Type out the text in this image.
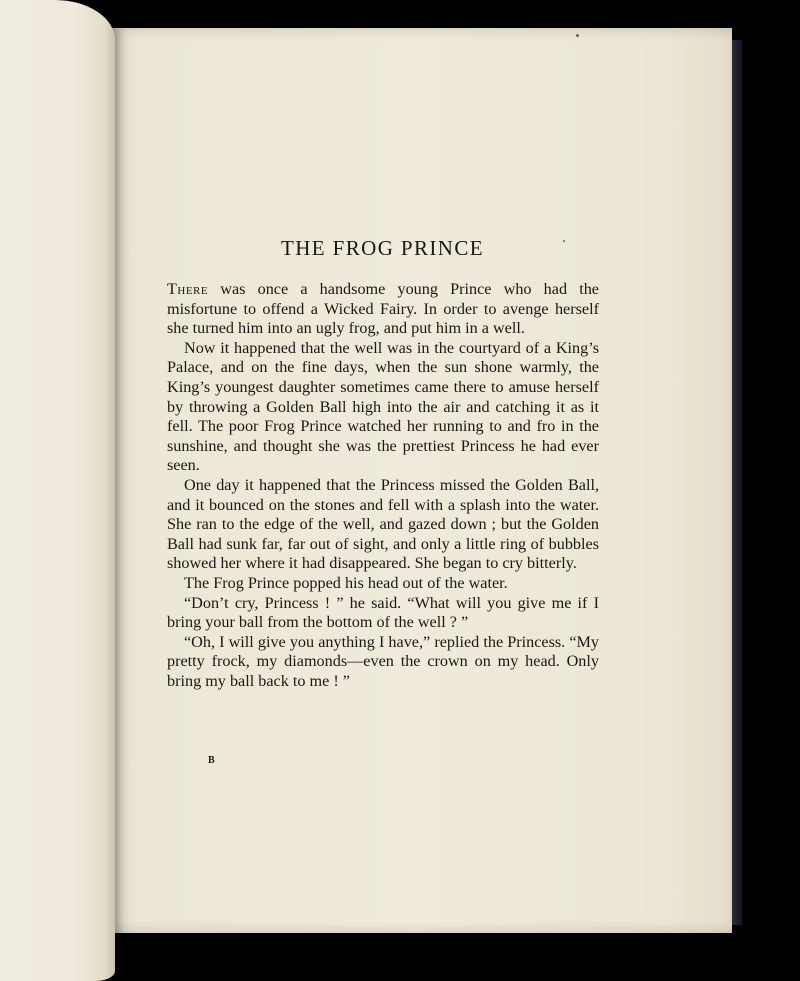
THE FROG PRINCE

There was once a handsome young Prince who had the misfortune to offend a Wicked Fairy. In order to avenge herself she turned him into an ugly frog, and put him in a well.

Now it happened that the well was in the courtyard of a King’s Palace, and on the fine days, when the sun shone warmly, the King’s youngest daughter sometimes came there to amuse herself by throwing a Golden Ball high into the air and catching it as it fell. The poor Frog Prince watched her running to and fro in the sunshine, and thought she was the prettiest Princess he had ever seen.

One day it happened that the Princess missed the Golden Ball, and it bounced on the stones and fell with a splash into the water. She ran to the edge of the well, and gazed down ; but the Golden Ball had sunk far, far out of sight, and only a little ring of bubbles showed her where it had disappeared. She began to cry bitterly.

The Frog Prince popped his head out of the water.

“Don’t cry, Princess ! ” he said. “What will you give me if I bring your ball from the bottom of the well ? ”

“Oh, I will give you anything I have,” replied the Princess. “My pretty frock, my diamonds—even the crown on my head. Only bring my ball back to me ! ”

B
